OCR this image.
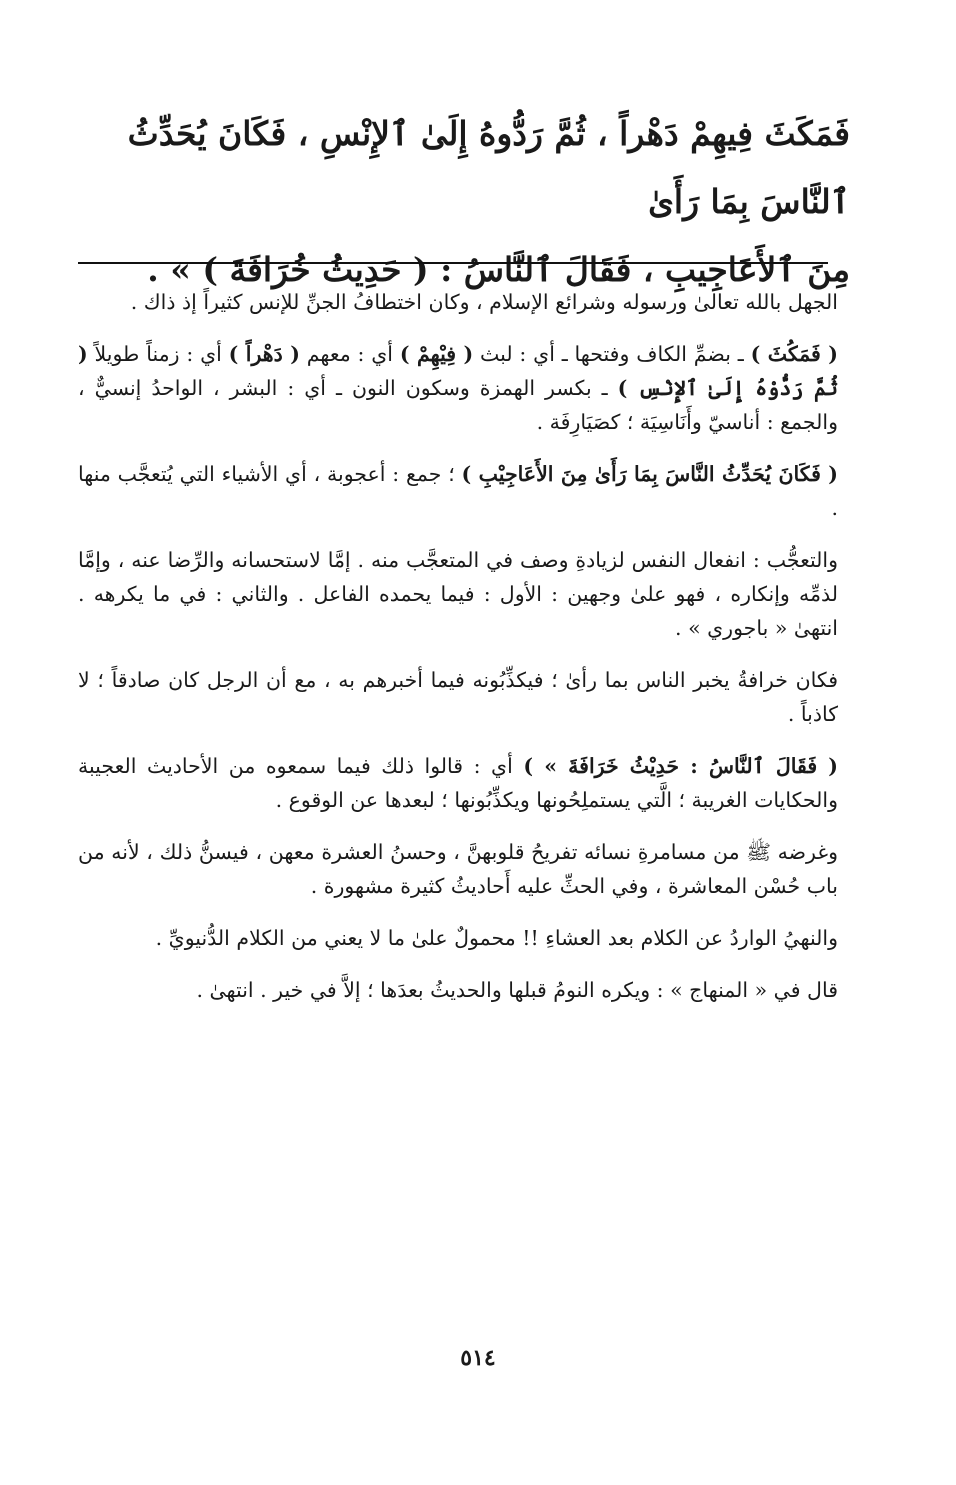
فَمَكَثَ فِيهِمْ دَهْراً ، ثُمَّ رَدُّوهُ إِلَىٰ ٱلإِنْسِ ، فَكَانَ يُحَدِّثُ ٱلنَّاسَ بِمَا رَأَىٰ

مِنَ ٱلأَعَاجِيبِ ، فَقَالَ ٱلنَّاسُ : ( حَدِيثُ خُرَافَةَ ) » .

الجهل بالله تعالىٰ ورسوله وشرائع الإسلام ، وكان اختطافُ الجنِّ للإنس كثيراً إذ ذاك .

( فَمَكُثَ ) ـ بضمِّ الكاف وفتحها ـ أي : لبث ( فِيْهِمْ ) أي : معهم ( دَهْراً ) أي : زمناً طويلاً ( ثُمَّ رَدُّوْهُ إِلَىٰ ٱلإِنْسِ ) ـ بكسر الهمزة وسكون النون ـ أي : البشر ، الواحدُ إنسيٌّ ، والجمع : أناسيّ وأَنَاسِيَة ؛ كصَيَارِفَة .

( فَكَانَ يُحَدِّثُ النَّاسَ بِمَا رَأَىٰ مِنَ الأَعَاجِيْبِ ) ؛ جمع : أعجوبة ، أي الأشياء التي يُتعجَّب منها .

والتعجُّب : انفعال النفس لزيادةِ وصف في المتعجَّب منه . إمَّا لاستحسانه والرِّضا عنه ، وإمَّا لذمِّه وإنكاره ، فهو علىٰ وجهين : الأول : فيما يحمده الفاعل . والثاني : في ما يكرهه . انتهىٰ « باجوري » .

فكان خرافةُ يخبر الناس بما رأىٰ ؛ فيكذِّبُونه فيما أخبرهم به ، مع أن الرجل كان صادقاً ؛ لا كاذباً .

( فَقَالَ ٱلنَّاسُ : حَدِيْثُ خَرَافَةَ » ) أي : قالوا ذلك فيما سمعوه من الأحاديث العجيبة والحكايات الغريبة ؛ الَّتي يستملِحُونها ويكذِّبُونها ؛ لبعدها عن الوقوع .

وغرضه ﷺ من مسامرةِ نسائه تفريحُ قلوبهنَّ ، وحسنُ العشرة معهن ، فيسنُّ ذلك ، لأنه من باب حُسْن المعاشرة ، وفي الحثِّ عليه أَحاديثُ كثيرة مشهورة .

والنهيُ الواردُ عن الكلام بعد العشاءِ !! محمولٌ علىٰ ما لا يعني من الكلام الدُّنيويِّ .

قال في « المنهاج » : ويكره النومُ قبلها والحديثُ بعدَها ؛ إلاَّ في خير . انتهىٰ .

٥١٤
